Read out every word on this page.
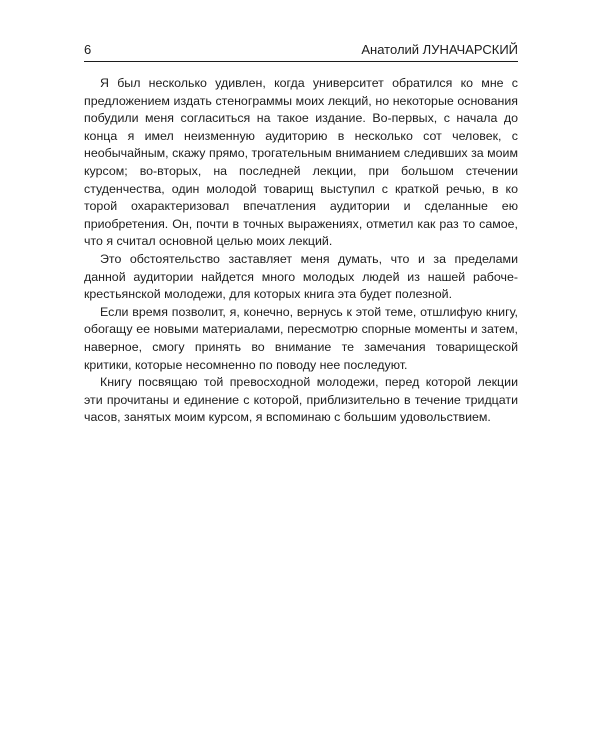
6	Анатолий ЛУНАЧАРСКИЙ

Я был несколько удивлен, когда университет обратился ко мне с предложением издать стенограммы моих лекций, но некоторые основания побудили меня согласиться на такое издание. Во-первых, с начала до конца я имел неизменную аудиторию в несколько сот человек, с необычайным, скажу прямо, трогательным вниманием следивших за моим курсом; во-вторых, на последней лекции, при большом стечении студенчества, один молодой товарищ выступил с краткой речью, в ко торой охарактеризовал впечатления аудитории и сделанные ею приобретения. Он, почти в точных выражениях, отметил как раз то самое, что я считал основной целью моих лекций.

Это обстоятельство заставляет меня думать, что и за пределами данной аудитории найдется много молодых людей из нашей рабоче-крестьянской молодежи, для которых книга эта будет полезной.

Если время позволит, я, конечно, вернусь к этой теме, отшлифую книгу, обогащу ее новыми материалами, пересмотрю спорные моменты и затем, наверное, смогу принять во внимание те замечания товарищеской критики, которые несомненно по поводу нее последуют.

Книгу посвящаю той превосходной молодежи, перед которой лекции эти прочитаны и единение с которой, приблизительно в течение тридцати часов, занятых моим курсом, я вспоминаю с большим удовольствием.
